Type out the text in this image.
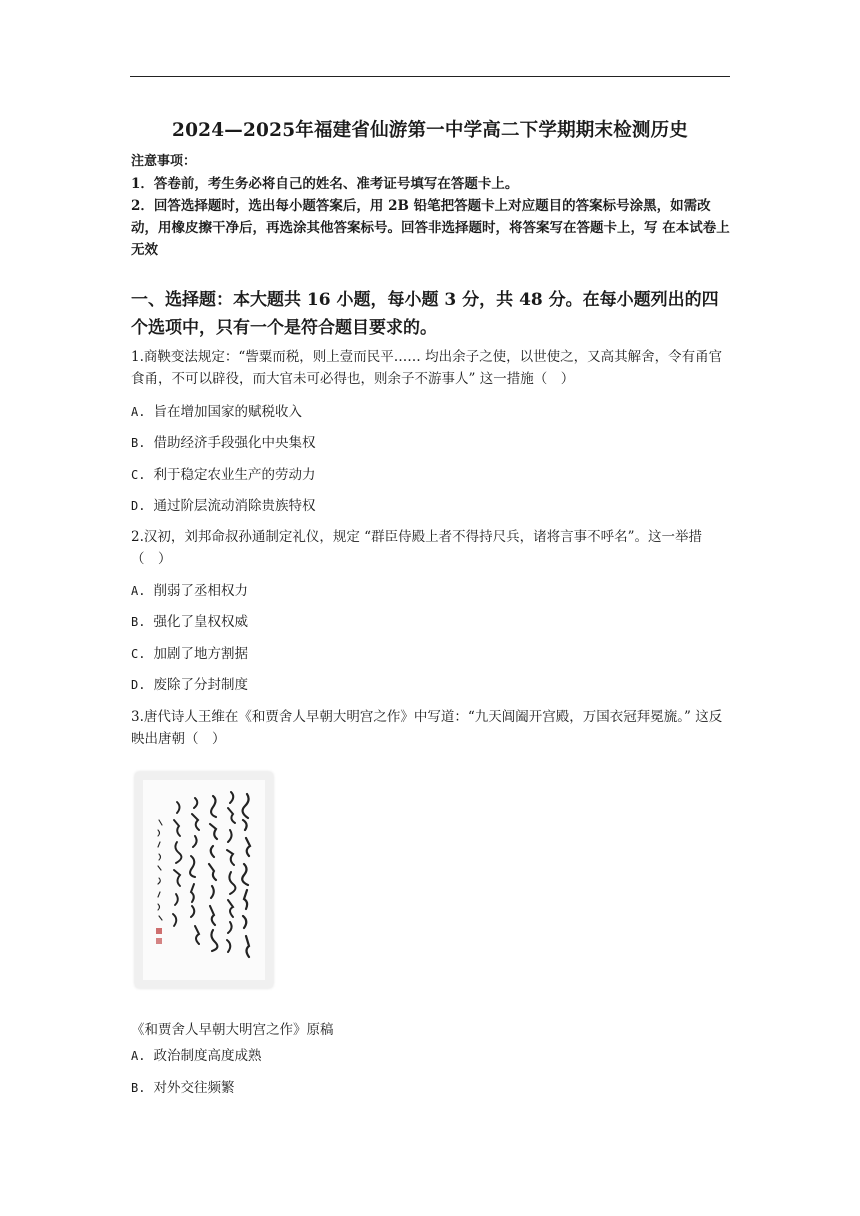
2024—2025年福建省仙游第一中学高二下学期期末检测历史
注意事项：
1．答卷前，考生务必将自己的姓名、准考证号填写在答题卡上。
2．回答选择题时，选出每小题答案后，用 2B 铅笔把答题卡上对应题目的答案标号涂黑，如需改动，用橡皮擦干净后，再选涂其他答案标号。回答非选择题时，将答案写在答题卡上，写 在本试卷上无效
一、选择题：本大题共 16 小题，每小题 3 分，共 48 分。在每小题列出的四个选项中，只有一个是符合题目要求的。
1.商鞅变法规定：“訾粟而税，则上壹而民平…… 均出余子之使，以世使之，又高其解舍，令有甬官食甬，不可以辟役，而大官未可必得也，则余子不游事人” 这一措施（　）
A. 旨在增加国家的赋税收入
B. 借助经济手段强化中央集权
C. 利于稳定农业生产的劳动力
D. 通过阶层流动消除贵族特权
2.汉初，刘邦命叔孙通制定礼仪，规定 “群臣侍殿上者不得持尺兵，诸将言事不呼名”。这一举措（　）
A. 削弱了丞相权力
B. 强化了皇权权威
C. 加剧了地方割据
D. 废除了分封制度
3.唐代诗人王维在《和贾舍人早朝大明宫之作》中写道：“九天阊阖开宫殿，万国衣冠拜冕旒。” 这反映出唐朝（　）
《和贾舍人早朝大明宫之作》原稿
A. 政治制度高度成熟
B. 对外交往频繁
